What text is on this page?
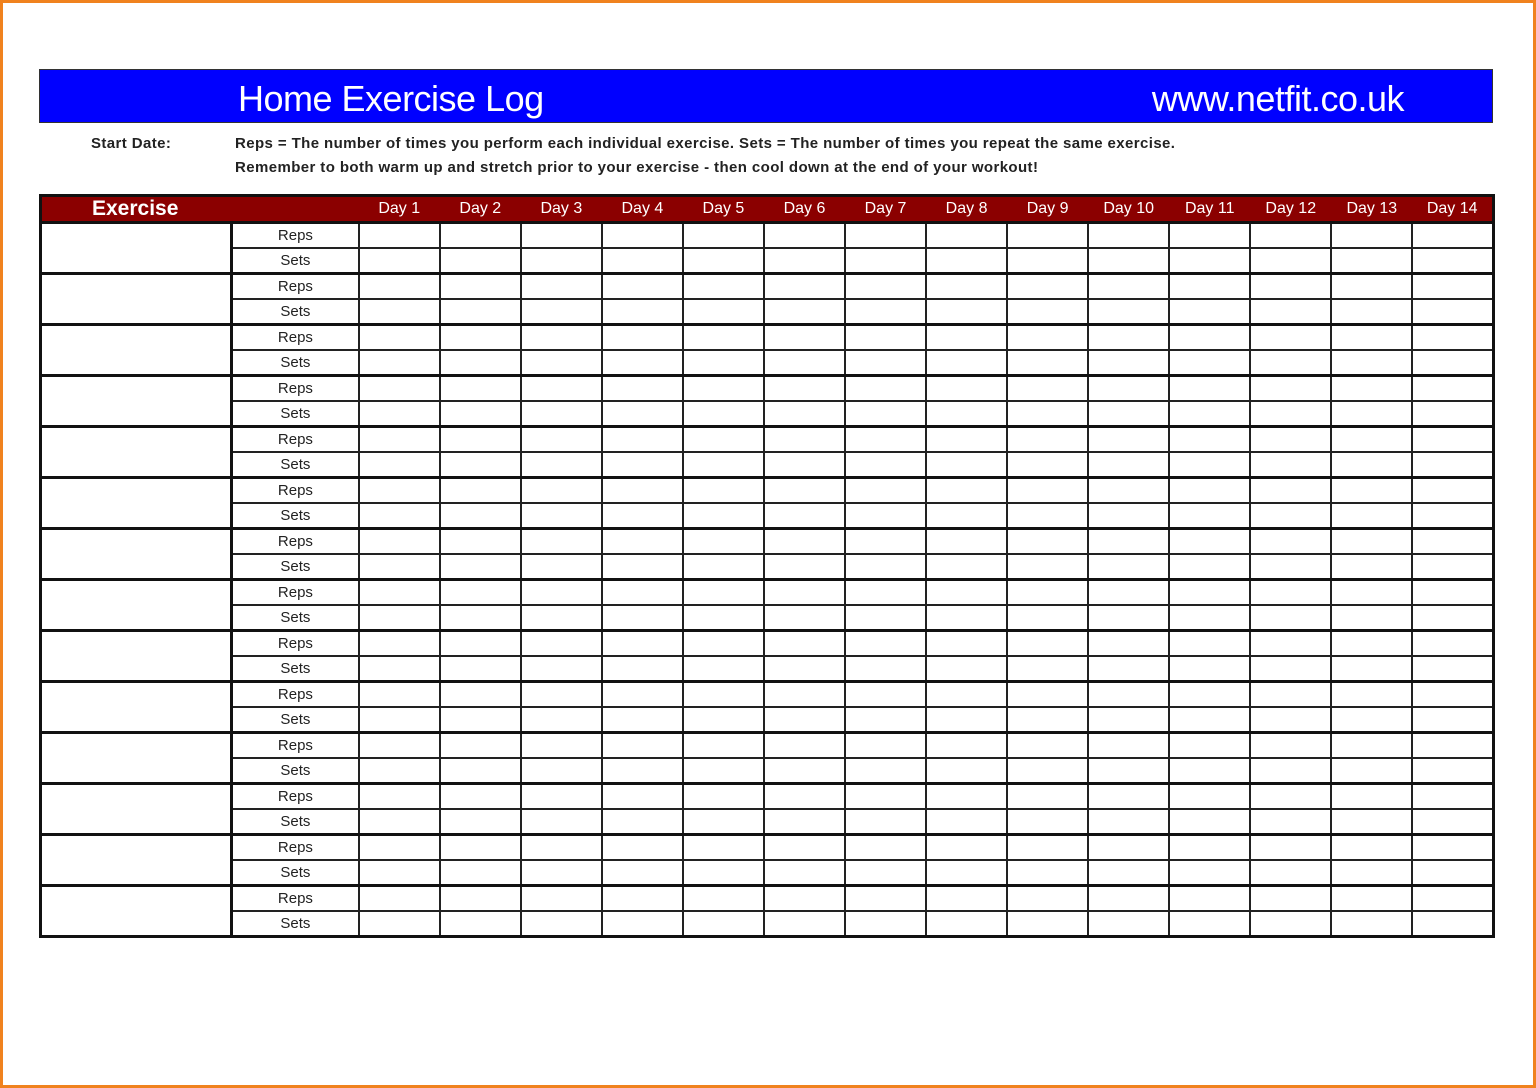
Home Exercise Log	www.netfit.co.uk
Start Date:	Reps = The number of times you perform each individual exercise. Sets = The number of times you repeat the same exercise.
Remember to both warm up and stretch prior to your exercise - then cool down at the end of your workout!
Exercise		Day 1	Day 2	Day 3	Day 4	Day 5	Day 6	Day 7	Day 8	Day 9	Day 10	Day 11	Day 12	Day 13	Day 14
	Reps														
	Sets														
	Reps														
	Sets														
	Reps														
	Sets														
	Reps														
	Sets														
	Reps														
	Sets														
	Reps														
	Sets														
	Reps														
	Sets														
	Reps														
	Sets														
	Reps														
	Sets														
	Reps														
	Sets														
	Reps														
	Sets														
	Reps														
	Sets														
	Reps														
	Sets														
	Reps														
	Sets														
